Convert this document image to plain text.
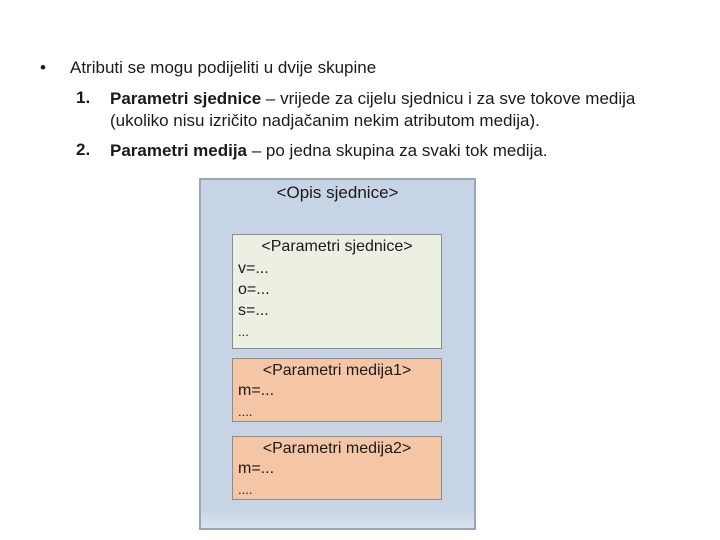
• Atributi se mogu podijeliti u dvije skupine
1. Parametri sjednice – vrijede za cijelu sjednicu i za sve tokove medija (ukoliko nisu izričito nadjačanim nekim atributom medija).
2. Parametri medija – po jedna skupina za svaki tok medija.
<Opis sjednice>
<Parametri sjednice>
v=...
o=...
s=...
...
<Parametri medija1>
m=...
....
<Parametri medija2>
m=...
....
